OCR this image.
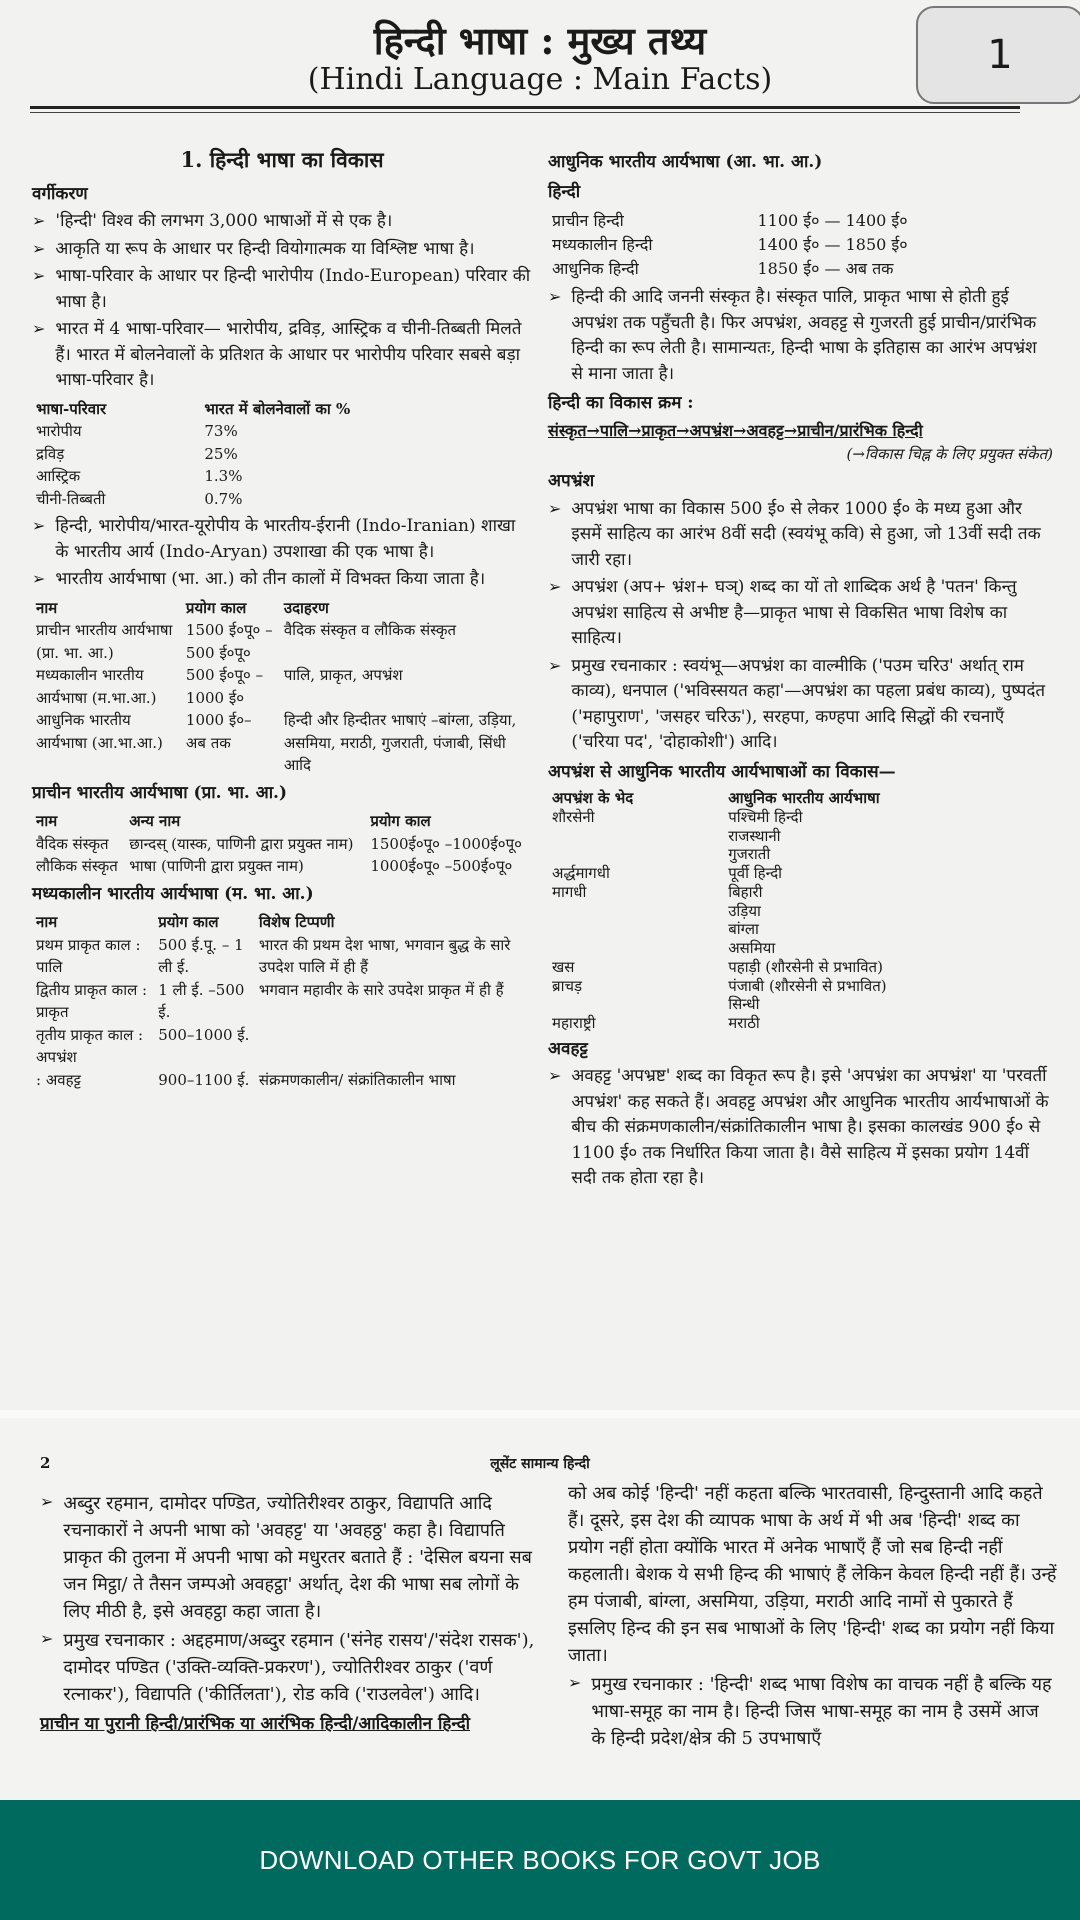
हिन्दी भाषा : मुख्य तथ्य
(Hindi Language : Main Facts)
1
1. हिन्दी भाषा का विकास
वर्गीकरण
➢ 'हिन्दी' विश्व की लगभग 3,000 भाषाओं में से एक है।
➢ आकृति या रूप के आधार पर हिन्दी वियोगात्मक या विश्लिष्ट भाषा है।
➢ भाषा-परिवार के आधार पर हिन्दी भारोपीय (Indo-European) परिवार की भाषा है।
➢ भारत में 4 भाषा-परिवार— भारोपीय, द्रविड़, आस्ट्रिक व चीनी-तिब्बती मिलते हैं। भारत में बोलनेवालों के प्रतिशत के आधार पर भारोपीय परिवार सबसे बड़ा भाषा-परिवार है।
भाषा-परिवार	भारत में बोलनेवालों का %
भारोपीय	73%
द्रविड़	25%
आस्ट्रिक	1.3%
चीनी-तिब्बती	0.7%
➢ हिन्दी, भारोपीय/भारत-यूरोपीय के भारतीय-ईरानी (Indo-Iranian) शाखा के भारतीय आर्य (Indo-Aryan) उपशाखा की एक भाषा है।
➢ भारतीय आर्यभाषा (भा. आ.) को तीन कालों में विभक्त किया जाता है।
नाम	प्रयोग काल	उदाहरण
प्राचीन भारतीय आर्यभाषा (प्रा. भा. आ.)	1500 ई०पू० – 500 ई०पू०	वैदिक संस्कृत व लौकिक संस्कृत
मध्यकालीन भारतीय आर्यभाषा (म.भा.आ.)	500 ई०पू० – 1000 ई०	पालि, प्राकृत, अपभ्रंश
आधुनिक भारतीय आर्यभाषा (आ.भा.आ.)	1000 ई०– अब तक	हिन्दी और हिन्दीतर भाषाएं –बांग्ला, उड़िया, असमिया, मराठी, गुजराती, पंजाबी, सिंधी आदि
प्राचीन भारतीय आर्यभाषा (प्रा. भा. आ.)
नाम	अन्य नाम	प्रयोग काल
वैदिक संस्कृत	छान्दस् (यास्क, पाणिनी द्वारा प्रयुक्त नाम)	1500ई०पू० –1000ई०पू०
लौकिक संस्कृत	भाषा (पाणिनी द्वारा प्रयुक्त नाम)	1000ई०पू० –500ई०पू०
मध्यकालीन भारतीय आर्यभाषा (म. भा. आ.)
नाम	प्रयोग काल	विशेष टिप्पणी
प्रथम प्राकृत काल : पालि	500 ई.पू. – 1 ली ई.	भारत की प्रथम देश भाषा, भगवान बुद्ध के सारे उपदेश पालि में ही हैं
द्वितीय प्राकृत काल : प्राकृत	1 ली ई. –500 ई.	भगवान महावीर के सारे उपदेश प्राकृत में ही हैं
तृतीय प्राकृत काल : अपभ्रंश	500–1000 ई.	
: अवहट्ट	900–1100 ई.	संक्रमणकालीन/ संक्रांतिकालीन भाषा
आधुनिक भारतीय आर्यभाषा (आ. भा. आ.)
हिन्दी
प्राचीन हिन्दी	1100 ई० — 1400 ई०
मध्यकालीन हिन्दी	1400 ई० — 1850 ई०
आधुनिक हिन्दी	1850 ई० — अब तक
➢ हिन्दी की आदि जननी संस्कृत है। संस्कृत पालि, प्राकृत भाषा से होती हुई अपभ्रंश तक पहुँचती है। फिर अपभ्रंश, अवहट्ट से गुजरती हुई प्राचीन/प्रारंभिक हिन्दी का रूप लेती है। सामान्यतः, हिन्दी भाषा के इतिहास का आरंभ अपभ्रंश से माना जाता है।
हिन्दी का विकास क्रम :
संस्कृत→पालि→प्राकृत→अपभ्रंश→अवहट्ट→प्राचीन/प्रारंभिक हिन्दी
(→विकास चिह्न के लिए प्रयुक्त संकेत)
अपभ्रंश
➢ अपभ्रंश भाषा का विकास 500 ई० से लेकर 1000 ई० के मध्य हुआ और इसमें साहित्य का आरंभ 8वीं सदी (स्वयंभू कवि) से हुआ, जो 13वीं सदी तक जारी रहा।
➢ अपभ्रंश (अप+ भ्रंश+ घञ्) शब्द का यों तो शाब्दिक अर्थ है 'पतन' किन्तु अपभ्रंश साहित्य से अभीष्ट है—प्राकृत भाषा से विकसित भाषा विशेष का साहित्य।
➢ प्रमुख रचनाकार : स्वयंभू—अपभ्रंश का वाल्मीकि ('पउम चरिउ' अर्थात् राम काव्य), धनपाल ('भविस्सयत कहा'—अपभ्रंश का पहला प्रबंध काव्य), पुष्पदंत ('महापुराण', 'जसहर चरिऊ'), सरहपा, कण्हपा आदि सिद्धों की रचनाएँ ('चरिया पद', 'दोहाकोशी') आदि।
अपभ्रंश से आधुनिक भारतीय आर्यभाषाओं का विकास—
अपभ्रंश के भेद	आधुनिक भारतीय आर्यभाषा
शौरसेनी	पश्चिमी हिन्दी
	राजस्थानी
	गुजराती
अर्द्धमागधी	पूर्वी हिन्दी
मागधी	बिहारी
	उड़िया
	बांग्ला
	असमिया
खस	पहाड़ी (शौरसेनी से प्रभावित)
ब्राचड़	पंजाबी (शौरसेनी से प्रभावित)
	सिन्धी
महाराष्ट्री	मराठी
अवहट्ट
➢ अवहट्ट 'अपभ्रष्ट' शब्द का विकृत रूप है। इसे 'अपभ्रंश का अपभ्रंश' या 'परवर्ती अपभ्रंश' कह सकते हैं। अवहट्ट अपभ्रंश और आधुनिक भारतीय आर्यभाषाओं के बीच की संक्रमणकालीन/संक्रांतिकालीन भाषा है। इसका कालखंड 900 ई० से 1100 ई० तक निर्धारित किया जाता है। वैसे साहित्य में इसका प्रयोग 14वीं सदी तक होता रहा है।
2	लूसेंट सामान्य हिन्दी
➢ अब्दुर रहमान, दामोदर पण्डित, ज्योतिरीश्वर ठाकुर, विद्यापति आदि रचनाकारों ने अपनी भाषा को 'अवहट्ट' या 'अवहठ्ठ' कहा है। विद्यापति प्राकृत की तुलना में अपनी भाषा को मधुरतर बताते हैं : 'देसिल बयना सब जन मिट्ठा/ ते तैसन जम्पओ अवहट्ठा' अर्थात्, देश की भाषा सब लोगों के लिए मीठी है, इसे अवहट्ठा कहा जाता है।
➢ प्रमुख रचनाकार : अद्दहमाण/अब्दुर रहमान ('संनेह रासय'/'संदेश रासक'), दामोदर पण्डित ('उक्ति-व्यक्ति-प्रकरण'), ज्योतिरीश्वर ठाकुर ('वर्ण रत्नाकर'), विद्यापति ('कीर्तिलता'), रोड कवि ('राउलवेल') आदि।
प्राचीन या पुरानी हिन्दी/प्रारंभिक या आरंभिक हिन्दी/आदिकालीन हिन्दी
को अब कोई 'हिन्दी' नहीं कहता बल्कि भारतवासी, हिन्दुस्तानी आदि कहते हैं। दूसरे, इस देश की व्यापक भाषा के अर्थ में भी अब 'हिन्दी' शब्द का प्रयोग नहीं होता क्योंकि भारत में अनेक भाषाएँ हैं जो सब हिन्दी नहीं कहलाती। बेशक ये सभी हिन्द की भाषाएं हैं लेकिन केवल हिन्दी नहीं हैं। उन्हें हम पंजाबी, बांग्ला, असमिया, उड़िया, मराठी आदि नामों से पुकारते हैं इसलिए हिन्द की इन सब भाषाओं के लिए 'हिन्दी' शब्द का प्रयोग नहीं किया जाता।
➢ प्रमुख रचनाकार : 'हिन्दी' शब्द भाषा विशेष का वाचक नहीं है बल्कि यह भाषा-समूह का नाम है। हिन्दी जिस भाषा-समूह का नाम है उसमें आज के हिन्दी प्रदेश/क्षेत्र की 5 उपभाषाएँ
DOWNLOAD OTHER BOOKS FOR GOVT JOB
